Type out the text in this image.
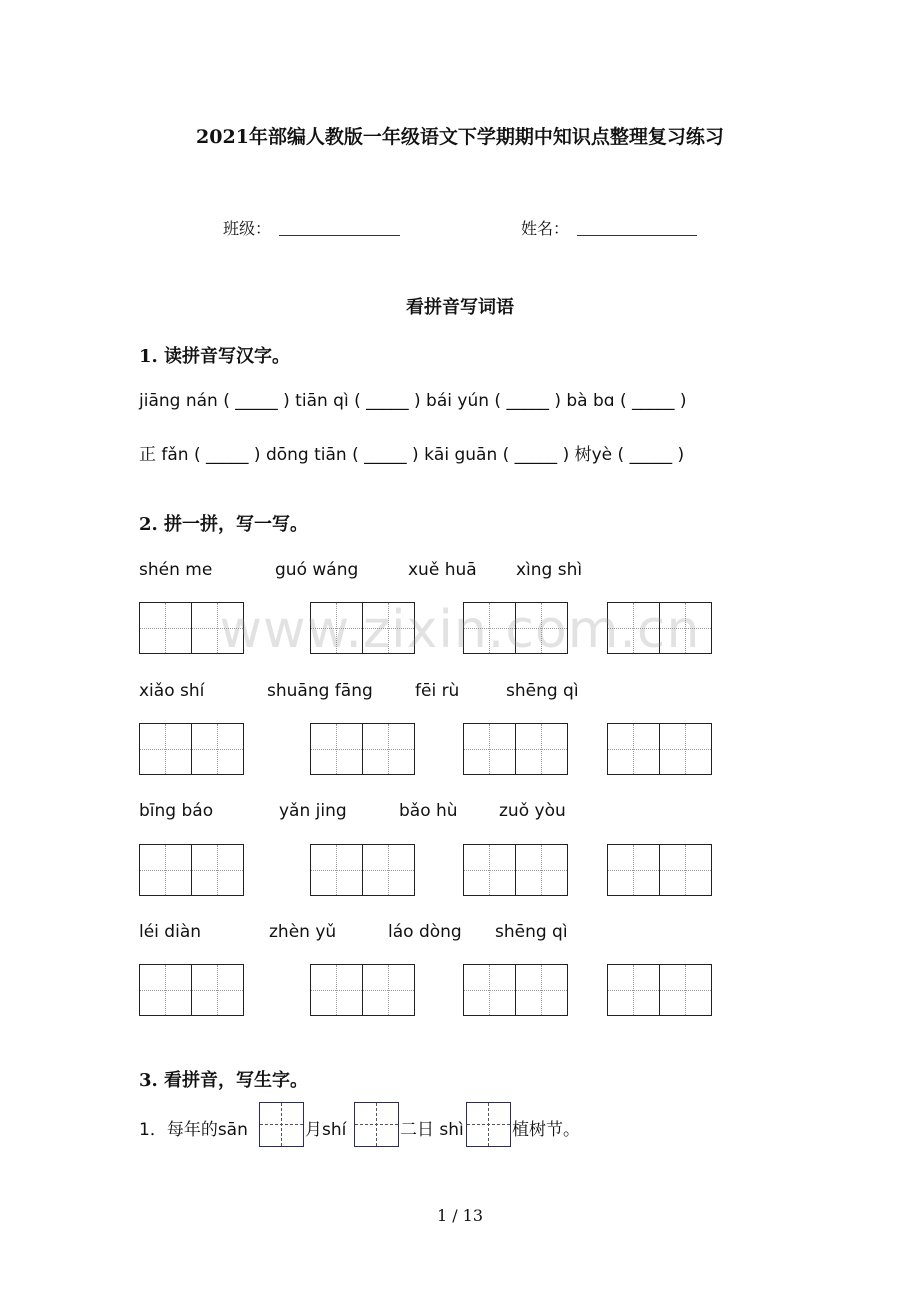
2021年部编人教版一年级语文下学期期中知识点整理复习练习
班级：	姓名：
看拼音写词语
1. 读拼音写汉字。
jiāng nán ( _____ ) tiān qì ( _____ ) bái yún ( _____ ) bà bɑ ( _____ )
正 fǎn ( _____ ) dōng tiān ( _____ ) kāi guān ( _____ ) 树yè ( _____ )
2. 拼一拼，写一写。
shén me	guó wáng	xuě huā xìng shì
xiǎo shí	shuāng fāng fēi rù	shēng qì
bīng báo	yǎn jing	bǎo hù zuǒ yòu
léi diàn	zhèn yǔ	láo dòng shēng qì
3. 看拼音，写生字。
1．每年的sān	月shí	二日 shì	植树节。
www.zixin.com.cn
1 / 13
